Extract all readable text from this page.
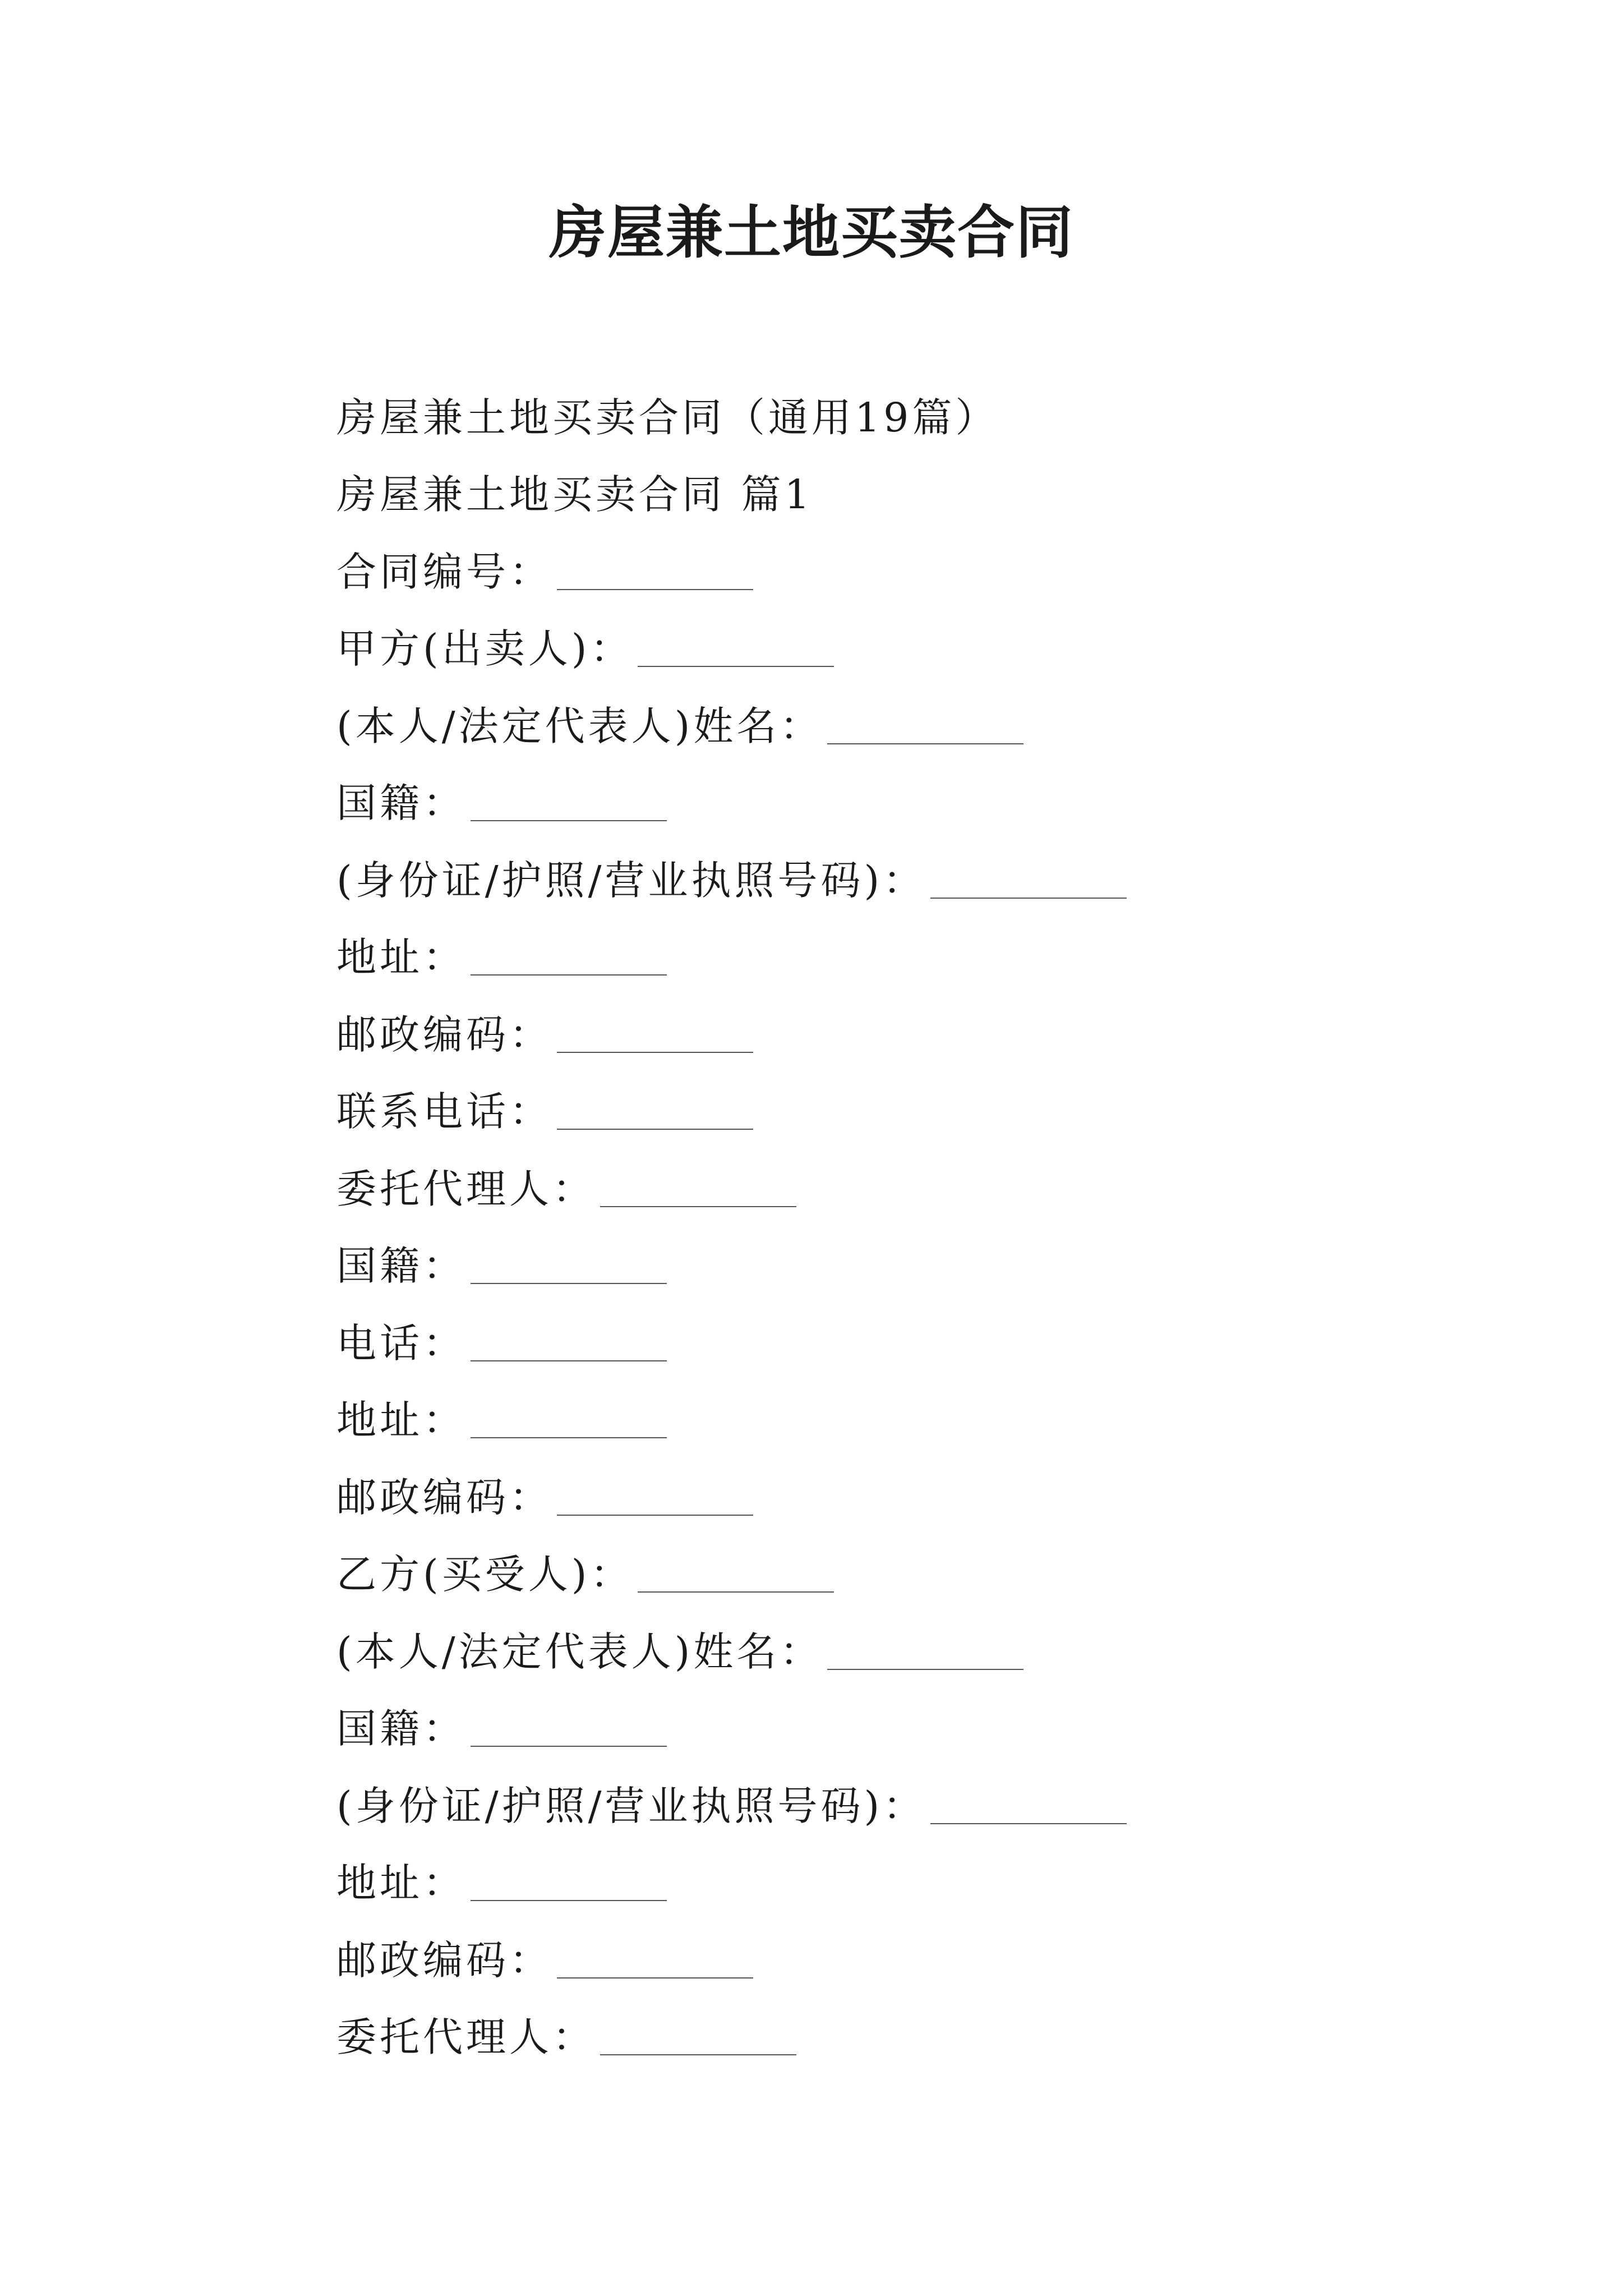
房屋兼土地买卖合同
房屋兼土地买卖合同（通用19篇）
房屋兼土地买卖合同 篇1
合同编号：
甲方(出卖人)：
(本人/法定代表人)姓名：
国籍：
(身份证/护照/营业执照号码)：
地址：
邮政编码：
联系电话：
委托代理人：
国籍：
电话：
地址：
邮政编码：
乙方(买受人)：
(本人/法定代表人)姓名：
国籍：
(身份证/护照/营业执照号码)：
地址：
邮政编码：
委托代理人：
